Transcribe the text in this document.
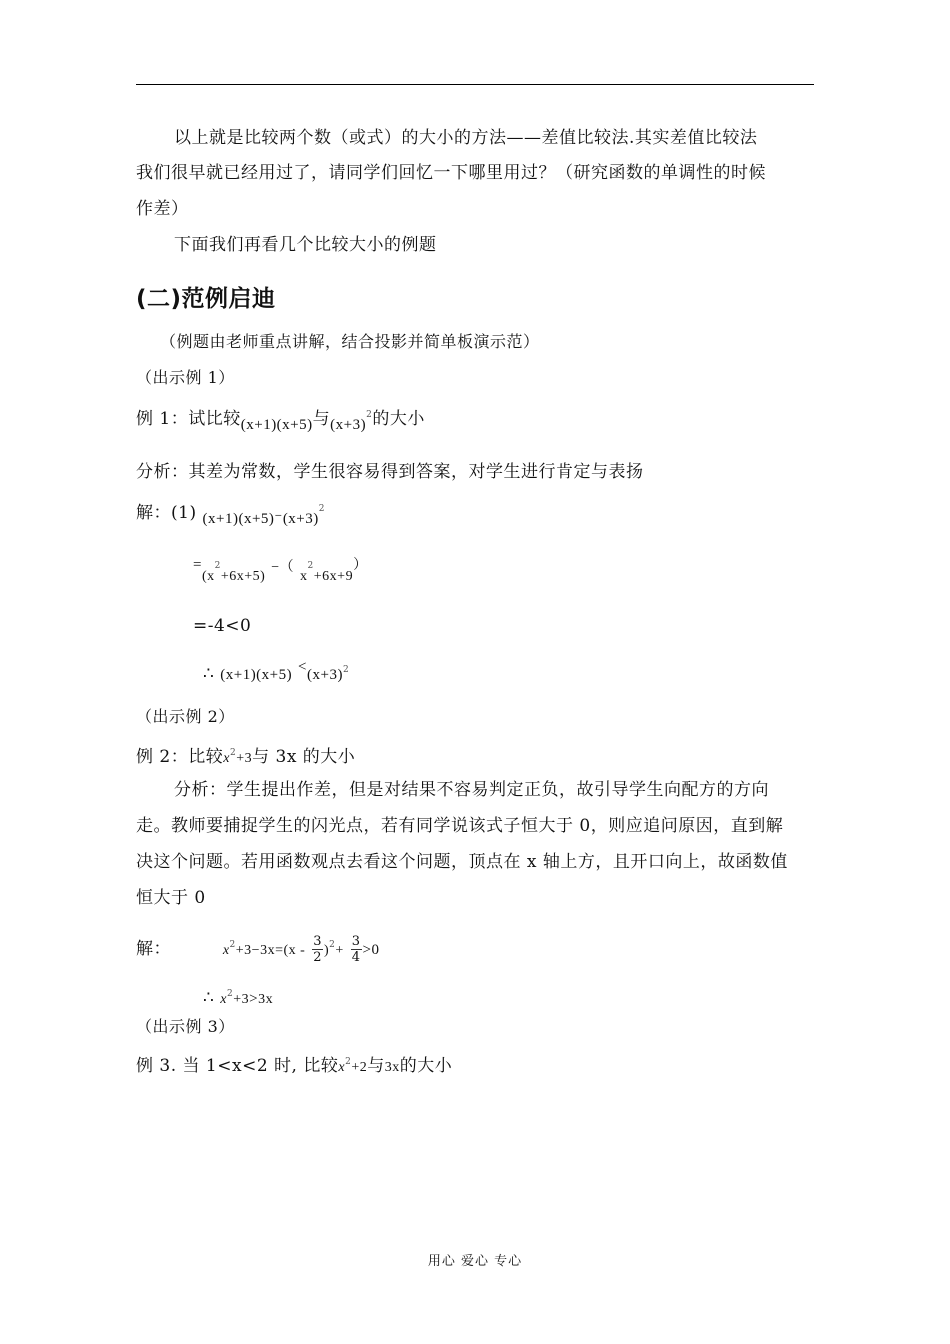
以上就是比较两个数（或式）的大小的方法——差值比较法.其实差值比较法
我们很早就已经用过了，请同学们回忆一下哪里用过？（研究函数的单调性的时候
作差）
下面我们再看几个比较大小的例题
(二)范例启迪
（例题由老师重点讲解，结合投影并简单板演示范）
（出示例 1）
例 1：试比较(x+1)(x+5)与$(x+3)^2$的大小
分析：其差为常数，学生很容易得到答案，对学生进行肯定与表扬
解：(1) $(x+1)(x+5)^-(x+3)^2$
$=_{(x}^2_{+6x+5)}$ −（ $_x^2_{+6x+9}$）
=-4<0
∴ $(x+1)(x+5) <(x+3)^2$
（出示例 2）
例 2：比较$x^2+3$与 3x 的大小
分析：学生提出作差，但是对结果不容易判定正负，故引导学生向配方的方向
走。教师要捕捉学生的闪光点，若有同学说该式子恒大于 0，则应追问原因，直到解
决这个问题。若用函数观点去看这个问题，顶点在 x 轴上方，且开口向上，故函数值
恒大于 0
解：	$x^2+3-3x=(x - \frac{3}{2} )^2+ \frac{3}{4} >0$
∴ $x^2+3>3x$
（出示例 3）
例 3. 当 1<x<2 时, 比较$x^2+2$与3x的大小
用心 爱心 专心
